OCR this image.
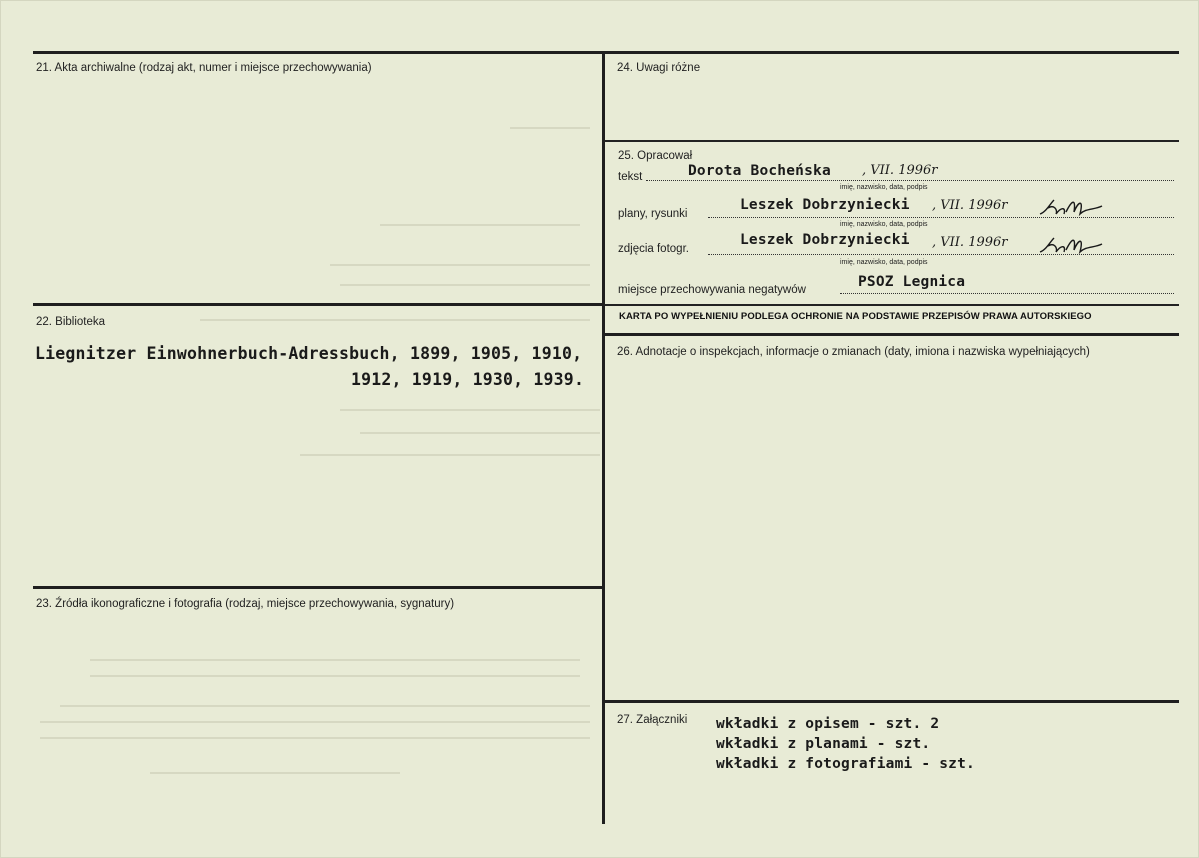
21. Akta archiwalne (rodzaj akt, numer i miejsce przechowywania)
22. Biblioteka
Liegnitzer Einwohnerbuch-Adressbuch, 1899, 1905, 1910,
1912, 1919, 1930, 1939.
23. Źródła ikonograficzne i fotografia (rodzaj, miejsce przechowywania, sygnatury)
24. Uwagi różne
25. Opracował
tekst	Dorota Bocheńska , VII. 1996r
imię, nazwisko, data, podpis
plany, rysunki
Leszek Dobrzyniecki , VII. 1996r
imię, nazwisko, data, podpis
zdjęcia fotogr.
Leszek Dobrzyniecki , VII. 1996r
imię, nazwisko, data, podpis
miejsce przechowywania negatywów	PSOZ Legnica
KARTA PO WYPEŁNIENIU PODLEGA OCHRONIE NA PODSTAWIE PRZEPISÓW PRAWA AUTORSKIEGO
26. Adnotacje o inspekcjach, informacje o zmianach (daty, imiona i nazwiska wypełniających)
27. Załączniki wkładki z opisem - szt. 2
wkładki z planami - szt.
wkładki z fotografiami - szt.
